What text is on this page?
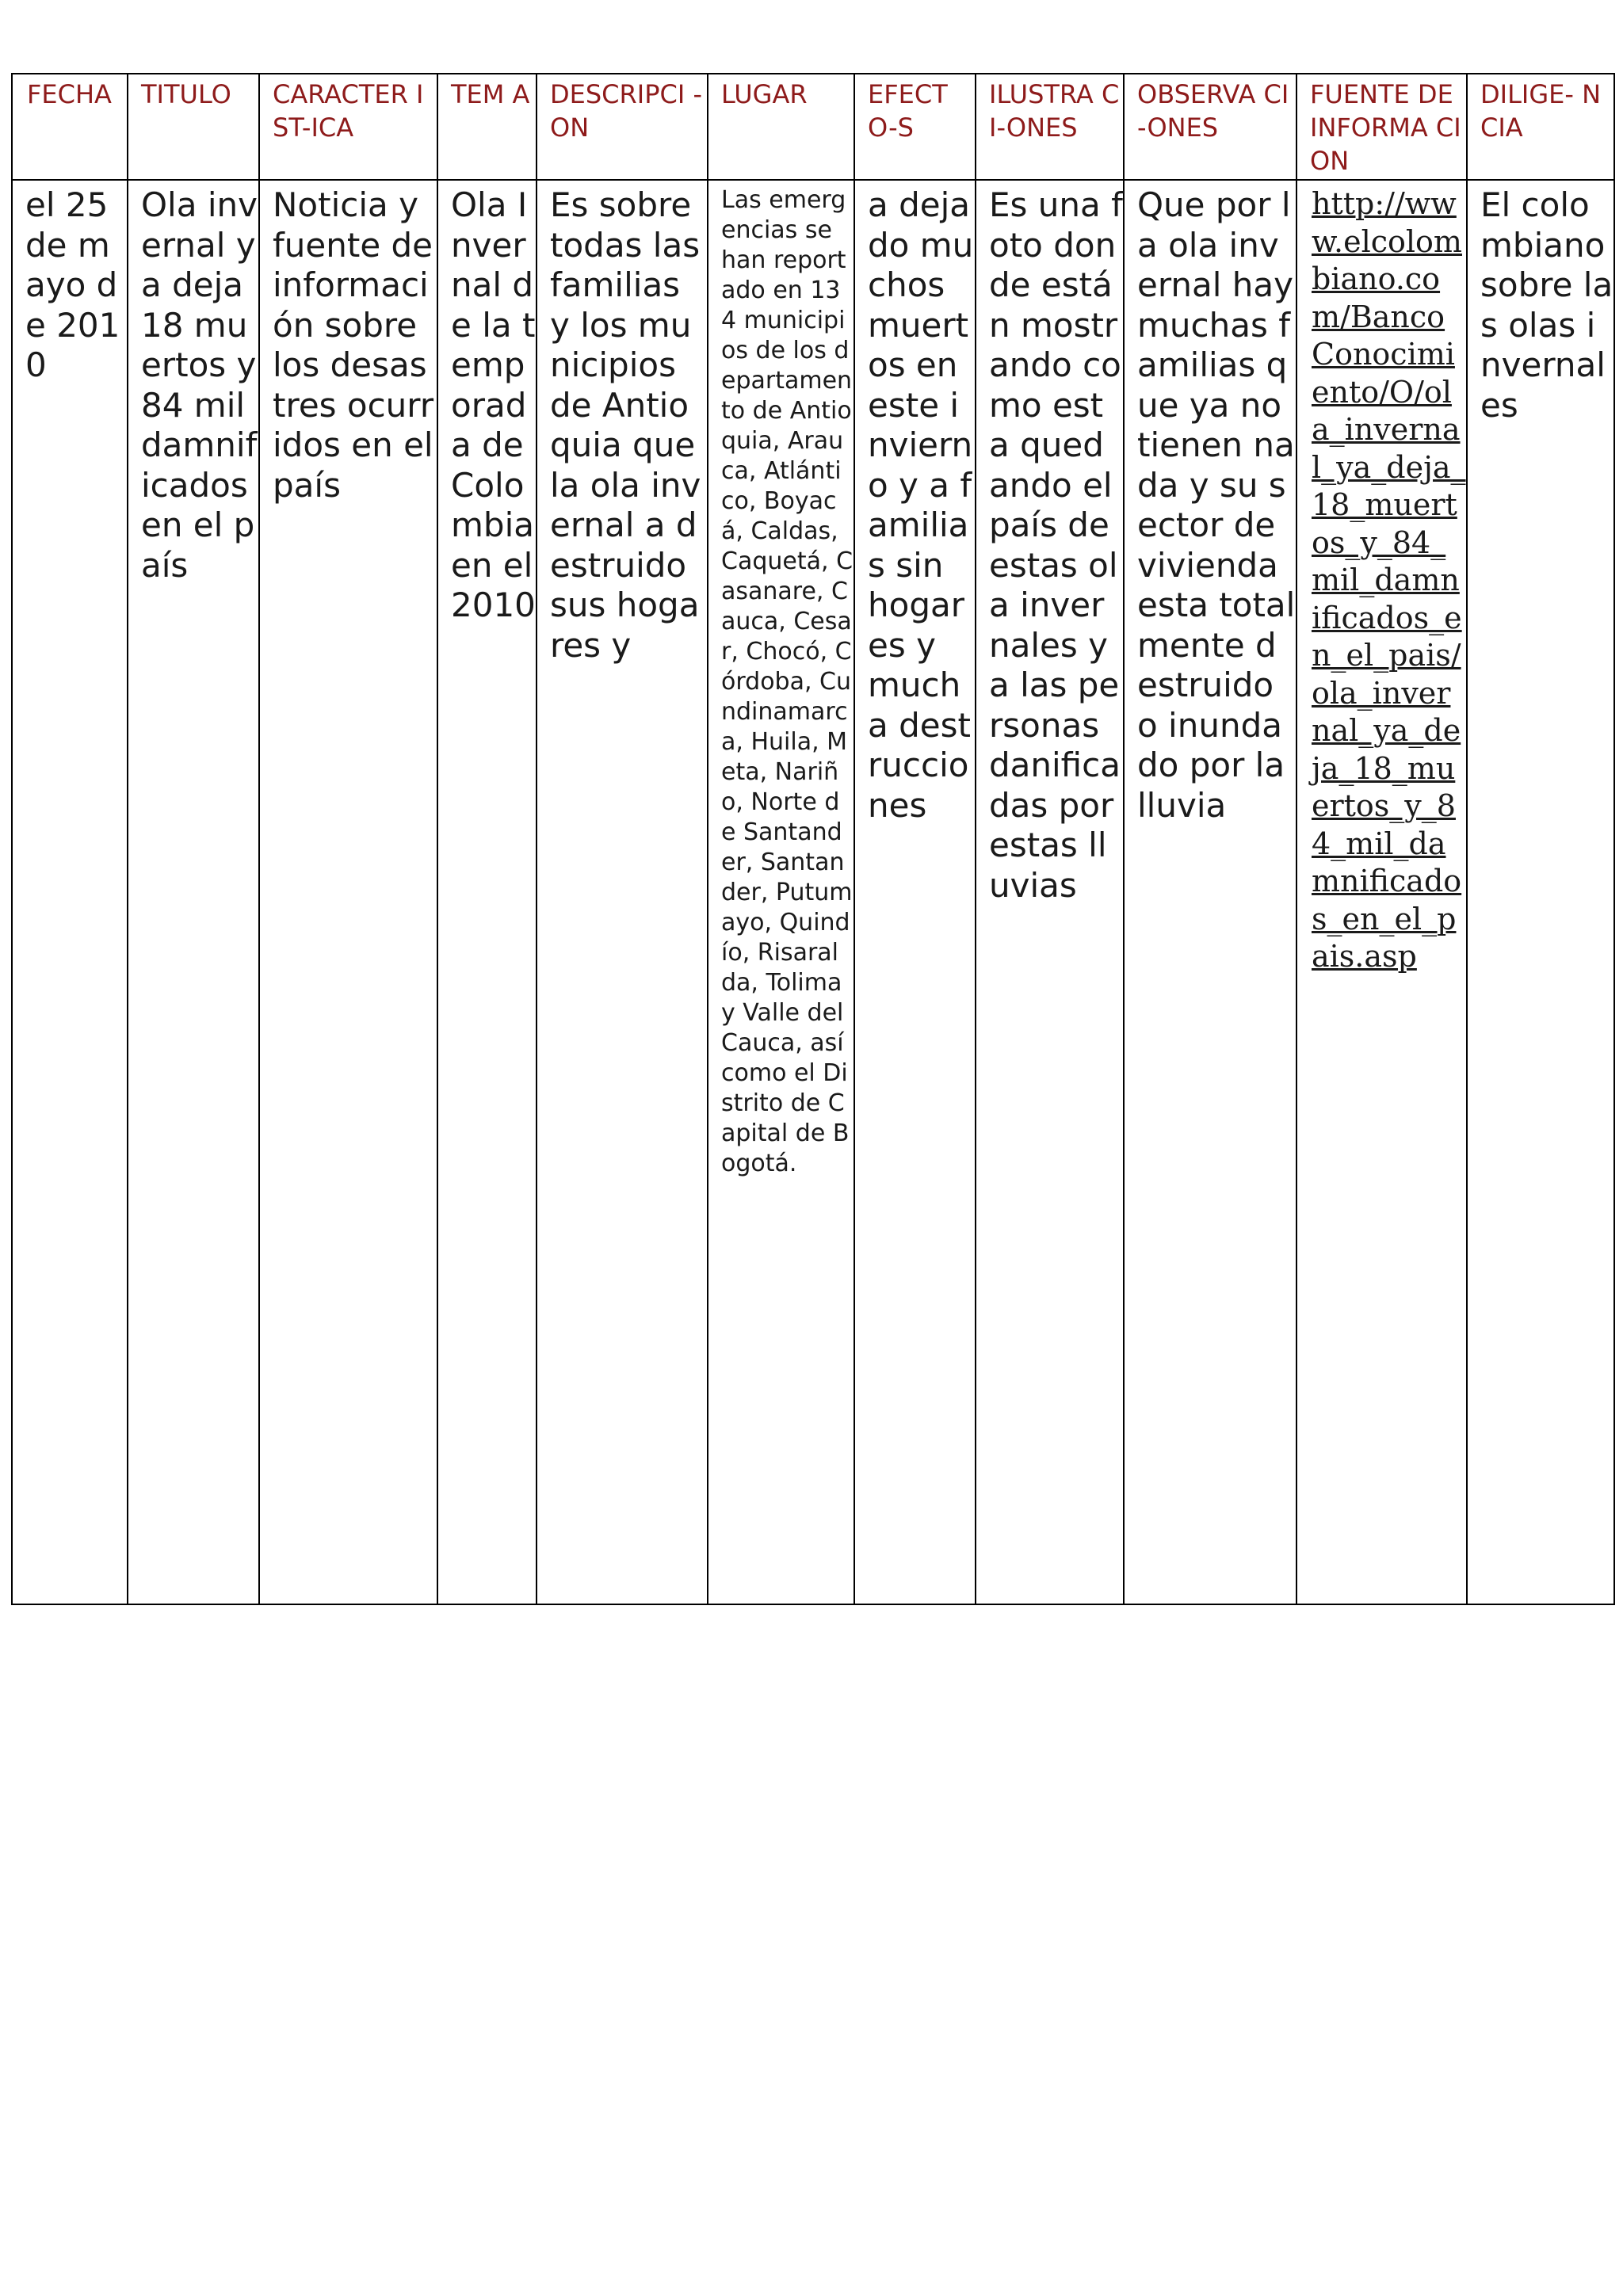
FECHA	TITULO	CARACTER IST-ICA	TEM A	DESCRIPCI -ON	LUGAR	EFECT O-S	ILUSTRA CI-ONES	OBSERVA CI-ONES	FUENTE DE INFORMA CION	DILIGE- NCIA
el 25 de mayo de 2010	Ola invernal ya deja 18 muertos y 84 mil damnificados en el país	Noticia y fuente de información sobre los desastres ocurridos en el país	Ola Invernal de la temporada de Colombia en el 2010	Es sobre todas las familias y los municipios de Antioquia que la ola invernal a destruido sus hogares y	Las emergencias se han reportado en 134 municipios de los departamento de Antioquia, Arauca, Atlántico, Boyacá, Caldas, Caquetá, Casanare, Cauca, Cesar, Chocó, Córdoba, Cundinamarca, Huila, Meta, Nariño, Norte de Santander, Santander, Putumayo, Quindío, Risaralda, Tolima y Valle del Cauca, así como el Distrito de Capital de Bogotá.	a dejado muchos muertos en este invierno y a familias sin hogares y mucha destrucciones	Es una foto donde están mostrando como esta quedando el país de estas ola invernales y a las personas danificadas por estas lluvias	Que por la ola invernal hay muchas familias que ya no tienen nada y su sector de vivienda esta totalmente destruido o inundado por la lluvia	http://www.elcolombiano.com/BancoConocimiento/O/ola_invernal_ya_deja_18_muertos_y_84_mil_damnificados_en_el_pais/ola_invernal_ya_deja_18_muertos_y_84_mil_damnificados_en_el_pais.asp	El colombiano sobre las olas invernales
